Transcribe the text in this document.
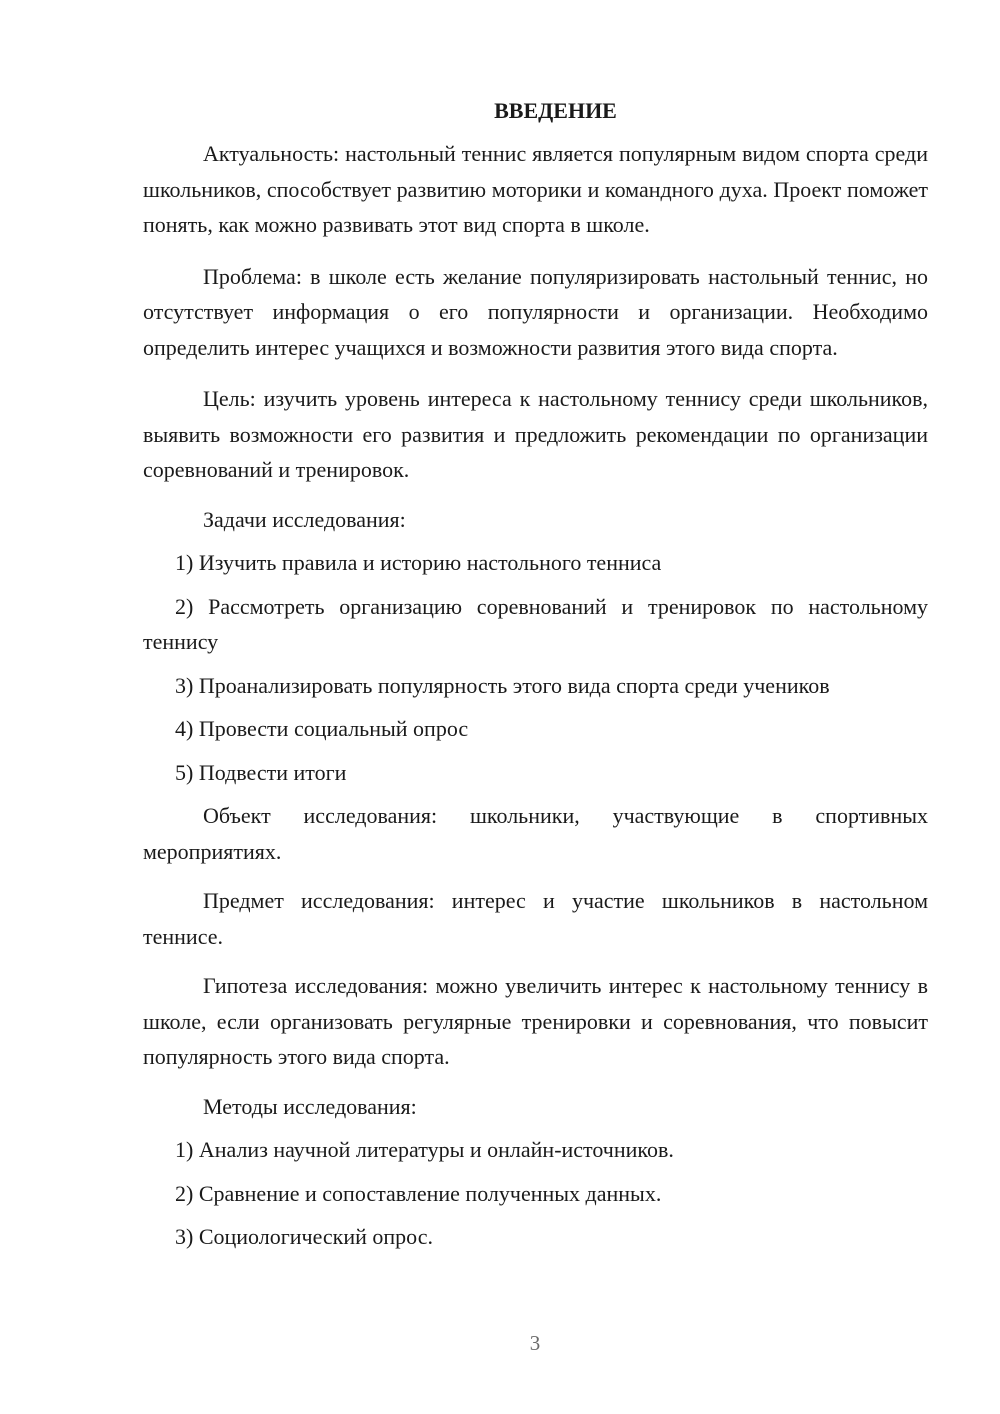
ВВЕДЕНИЕ

Актуальность: настольный теннис является популярным видом спорта среди школьников, способствует развитию моторики и командного духа. Проект поможет понять, как можно развивать этот вид спорта в школе.

Проблема: в школе есть желание популяризировать настольный теннис, но отсутствует информация о его популярности и организации. Необходимо определить интерес учащихся и возможности развития этого вида спорта.

Цель: изучить уровень интереса к настольному теннису среди школьников, выявить возможности его развития и предложить рекомендации по организации соревнований и тренировок.

Задачи исследования:

1) Изучить правила и историю настольного тенниса

2) Рассмотреть организацию соревнований и тренировок по настольному теннису

3) Проанализировать популярность этого вида спорта среди учеников

4) Провести социальный опрос

5) Подвести итоги

Объект исследования: школьники, участвующие в спортивных мероприятиях.

Предмет исследования: интерес и участие школьников в настольном теннисе.

Гипотеза исследования: можно увеличить интерес к настольному теннису в школе, если организовать регулярные тренировки и соревнования, что повысит популярность этого вида спорта.

Методы исследования:

1) Анализ научной литературы и онлайн-источников.

2) Сравнение и сопоставление полученных данных.

3) Социологический опрос.

3
